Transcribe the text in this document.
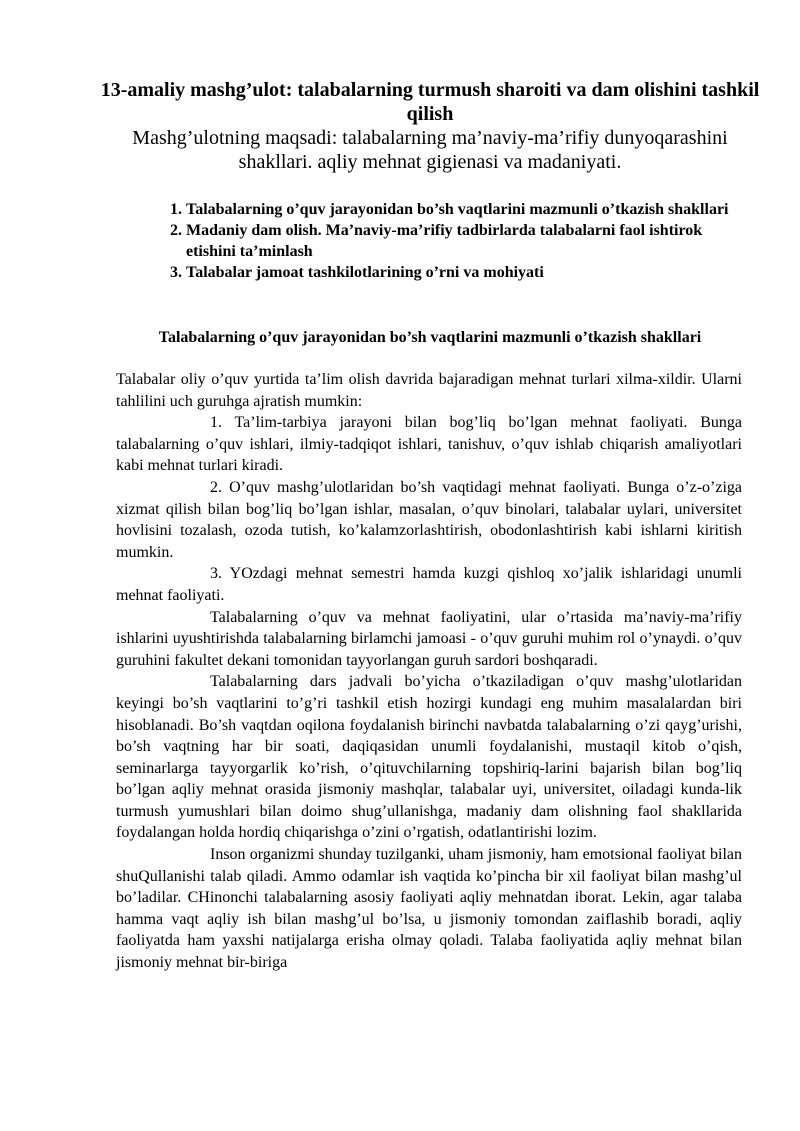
13-amaliy mashg’ulot: talabalarning turmush sharoiti va dam olishini tashkil qilish
Mashg’ulotning maqsadi: talabalarning ma’naviy-ma’rifiy dunyoqarashini shakllari. aqliy mehnat gigienasi va madaniyati.
1. Talabalarning o’quv jarayonidan bo’sh vaqtlarini mazmunli o’tkazish shakllari
2. Madaniy dam olish. Ma’naviy-ma’rifiy tadbirlarda talabalarni faol ishtirok etishini ta’minlash
3. Talabalar jamoat tashkilotlarining o’rni va mohiyati
Talabalarning o’quv jarayonidan bo’sh vaqtlarini mazmunli o’tkazish shakllari

Talabalar oliy o’quv yurtida ta’lim olish davrida bajaradigan mehnat turlari xilma-xildir. Ularni tahlilini uch guruhga ajratish mumkin:

1. Ta’lim-tarbiya jarayoni bilan bog’liq bo’lgan mehnat faoliyati. Bunga talabalarning o’quv ishlari, ilmiy-tadqiqot ishlari, tanishuv, o’quv ishlab chiqarish amaliyotlari kabi mehnat turlari kiradi.

2. O’quv mashg’ulotlaridan bo’sh vaqtidagi mehnat faoliyati. Bunga o’z-o’ziga xizmat qilish bilan bog’liq bo’lgan ishlar, masalan, o’quv binolari, talabalar uylari, universitet hovlisini tozalash, ozoda tutish, ko’kalamzorlashtirish, obodonlashtirish kabi ishlarni kiritish mumkin.

3. YOzdagi mehnat semestri hamda kuzgi qishloq xo’jalik ishlaridagi unumli mehnat faoliyati.

Talabalarning o’quv va mehnat faoliyatini, ular o’rtasida ma’naviy-ma’rifiy ishlarini uyushtirishda talabalarning birlamchi jamoasi - o’quv guruhi muhim rol o’ynaydi. o’quv guruhini fakultet dekani tomonidan tayyorlangan guruh sardori boshqaradi.

Talabalarning dars jadvali bo’yicha o’tkaziladigan o’quv mashg’ulotlaridan keyingi bo’sh vaqtlarini to’g’ri tashkil etish hozirgi kundagi eng muhim masalalardan biri hisoblanadi. Bo’sh vaqtdan oqilona foydalanish birinchi navbatda talabalarning o’zi qayg’urishi, bo’sh vaqtning har bir soati, daqiqasidan unumli foydalanishi, mustaqil kitob o’qish, seminarlarga tayyorgarlik ko’rish, o’qituvchilarning topshiriq-larini bajarish bilan bog’liq bo’lgan aqliy mehnat orasida jismoniy mashqlar, talabalar uyi, universitet, oiladagi kunda-lik turmush yumushlari bilan doimo shug’ullanishga, madaniy dam olishning faol shakllarida foydalangan holda hordiq chiqarishga o’zini o’rgatish, odatlantirishi lozim.

Inson organizmi shunday tuzilganki, uham jismoniy, ham emotsional faoliyat bilan shuQullanishi talab qiladi. Ammo odamlar ish vaqtida ko’pincha bir xil faoliyat bilan mashg’ul bo’ladilar. CHinonchi talabalarning asosiy faoliyati aqliy mehnatdan iborat. Lekin, agar talaba hamma vaqt aqliy ish bilan mashg’ul bo’lsa, u jismoniy tomondan zaiflashib boradi, aqliy faoliyatda ham yaxshi natijalarga erisha olmay qoladi. Talaba faoliyatida aqliy mehnat bilan jismoniy mehnat bir-biriga
